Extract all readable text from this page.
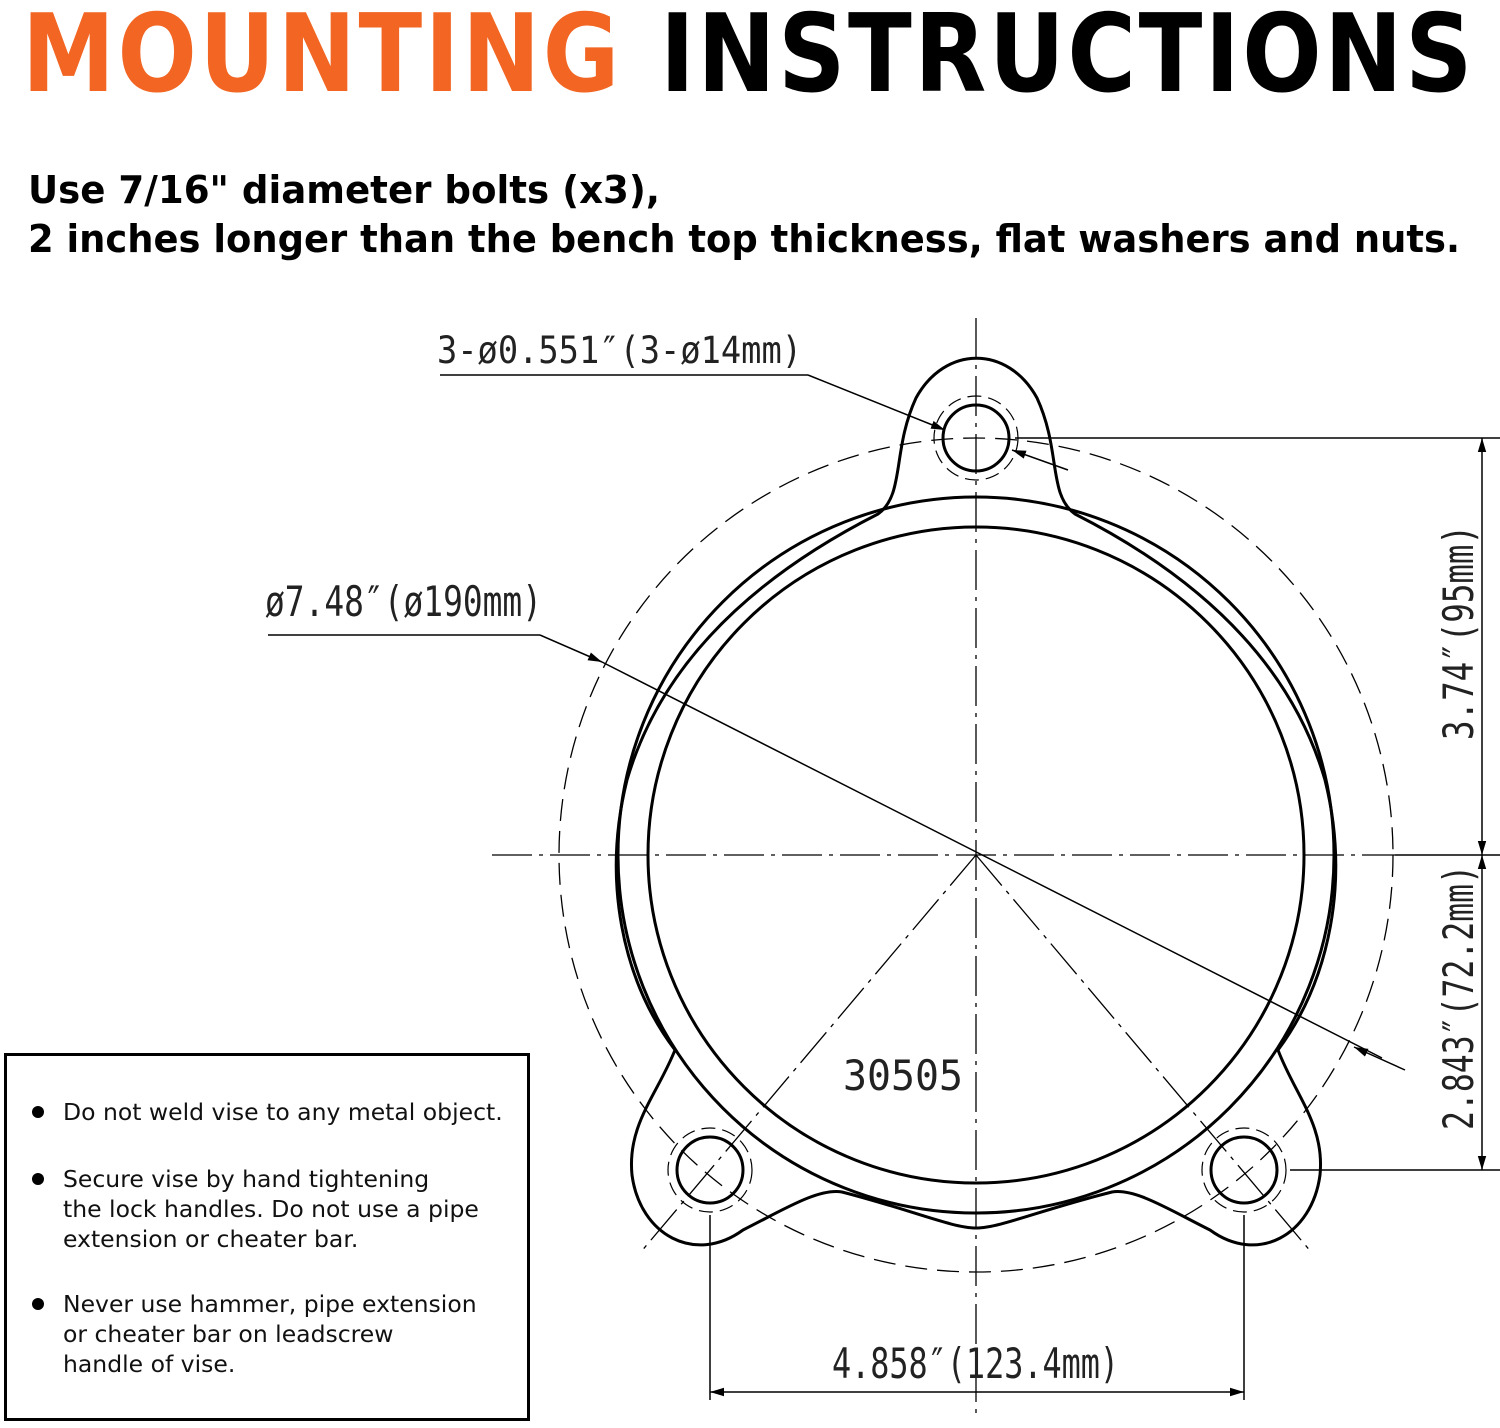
MOUNTING INSTRUCTIONS
Use 7/16" diameter bolts (x3),
2 inches longer than the bench top thickness, flat washers and nuts.
3-ø0.551″(3-ø14mm)
ø7.48″(ø190mm)	3.74″(95mm)
2.843″(72.2mm)
4.858″(123.4mm)
30505
Do not weld vise to any metal object.
Secure vise by hand tightening
the lock handles. Do not use a pipe
extension or cheater bar.
Never use hammer, pipe extension
or cheater bar on leadscrew
handle of vise.
